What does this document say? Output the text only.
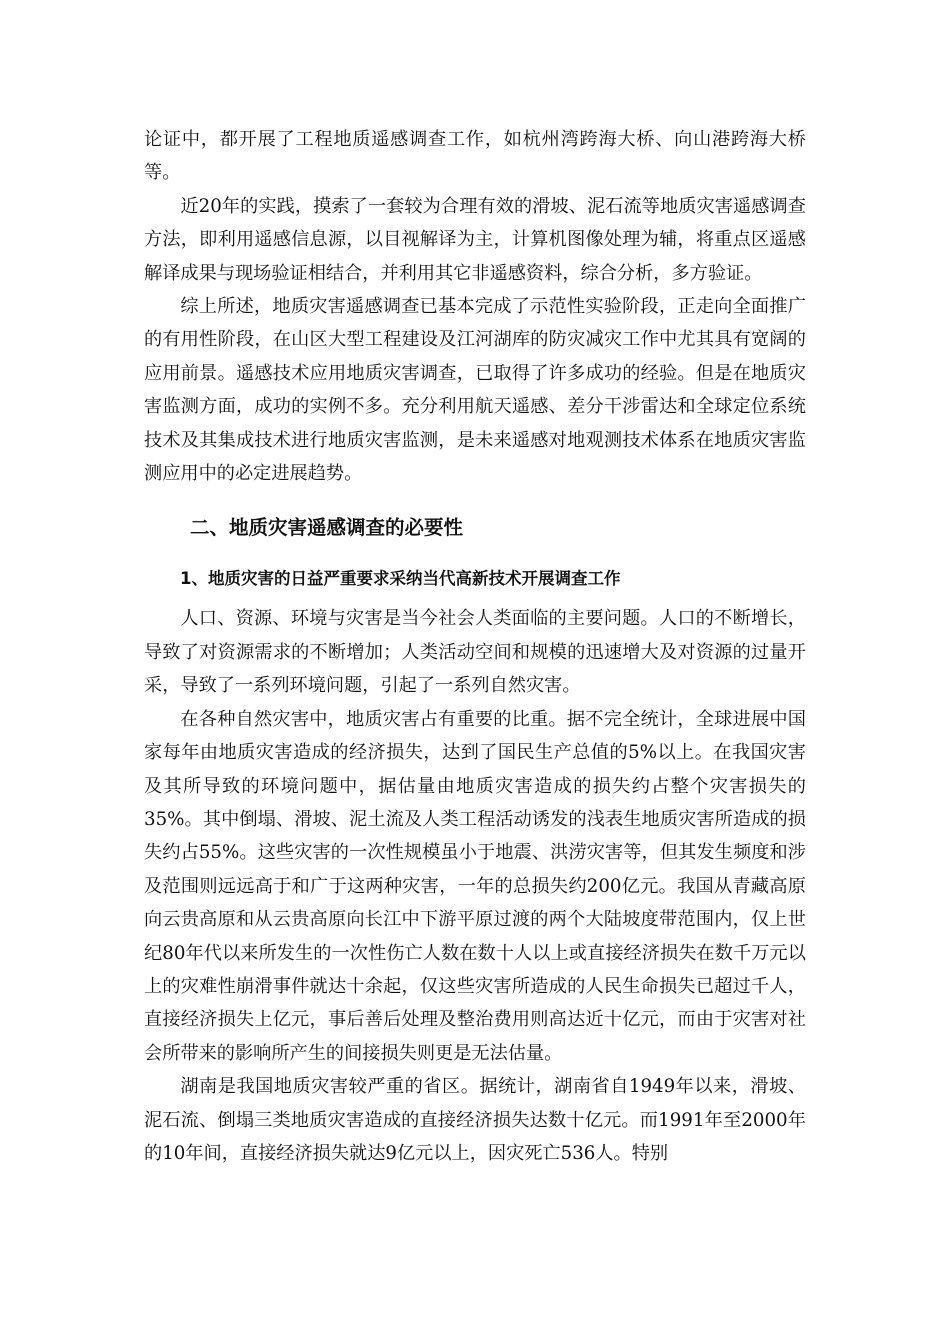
论证中，都开展了工程地质遥感调查工作，如杭州湾跨海大桥、向山港跨海大桥等。

近20年的实践，摸索了一套较为合理有效的滑坡、泥石流等地质灾害遥感调查方法，即利用遥感信息源，以目视解译为主，计算机图像处理为辅，将重点区遥感解译成果与现场验证相结合，并利用其它非遥感资料，综合分析，多方验证。

综上所述，地质灾害遥感调查已基本完成了示范性实验阶段，正走向全面推广的有用性阶段，在山区大型工程建设及江河湖库的防灾减灾工作中尤其具有宽阔的应用前景。遥感技术应用地质灾害调查，已取得了许多成功的经验。但是在地质灾害监测方面，成功的实例不多。充分利用航天遥感、差分干涉雷达和全球定位系统技术及其集成技术进行地质灾害监测，是未来遥感对地观测技术体系在地质灾害监测应用中的必定进展趋势。

二、地质灾害遥感调查的必要性
1、地质灾害的日益严重要求采纳当代高新技术开展调查工作

人口、资源、环境与灾害是当今社会人类面临的主要问题。人口的不断增长，导致了对资源需求的不断增加；人类活动空间和规模的迅速增大及对资源的过量开采，导致了一系列环境问题，引起了一系列自然灾害。

在各种自然灾害中，地质灾害占有重要的比重。据不完全统计，全球进展中国家每年由地质灾害造成的经济损失，达到了国民生产总值的5%以上。在我国灾害及其所导致的环境问题中，据估量由地质灾害造成的损失约占整个灾害损失的35%。其中倒塌、滑坡、泥土流及人类工程活动诱发的浅表生地质灾害所造成的损失约占55%。这些灾害的一次性规模虽小于地震、洪涝灾害等，但其发生频度和涉及范围则远远高于和广于这两种灾害，一年的总损失约200亿元。我国从青藏高原向云贵高原和从云贵高原向长江中下游平原过渡的两个大陆坡度带范围内，仅上世纪80年代以来所发生的一次性伤亡人数在数十人以上或直接经济损失在数千万元以上的灾难性崩滑事件就达十余起，仅这些灾害所造成的人民生命损失已超过千人，直接经济损失上亿元，事后善后处理及整治费用则高达近十亿元，而由于灾害对社会所带来的影响所产生的间接损失则更是无法估量。

湖南是我国地质灾害较严重的省区。据统计，湖南省自1949年以来，滑坡、泥石流、倒塌三类地质灾害造成的直接经济损失达数十亿元。而1991年至2000年的10年间，直接经济损失就达9亿元以上，因灾死亡536人。特别
